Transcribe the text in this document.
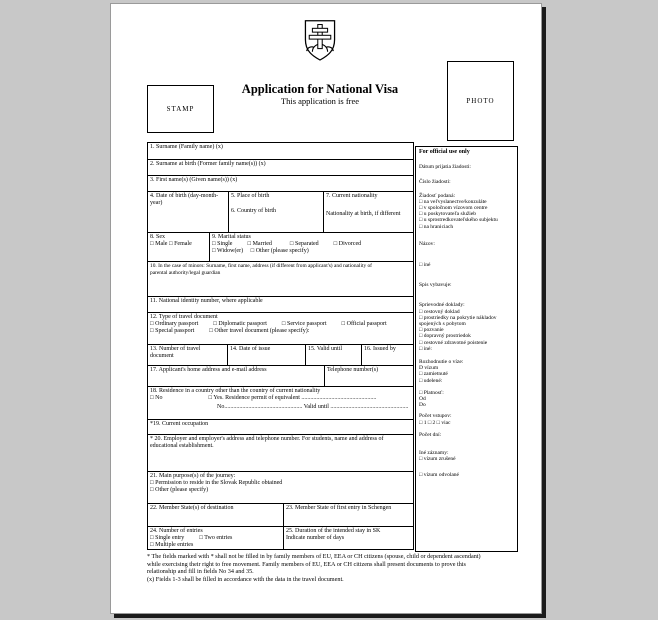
Application for National Visa
This application is free
STAMP
PHOTO
1. Surname (Family name) (x)
2. Surname at birth (Former family name(s)) (x)
3. First name(s) (Given name(s)) (x)
4. Date of birth (day-month-year)
5. Place of birth
6. Country of birth
7. Current nationality
Nationality at birth, if different
8. Sex
□ Male □ Female
9. Marital status
□ Single          □ Married            □ Separated          □ Divorced
□ Widow(er)     □ Other (please specify)
10. In the case of minors: Surname, first name, address (if different from applicant's) and nationality of
parental authority/legal guardian
11. National identity number, where applicable
12. Type of travel document
□ Ordinary passport          □ Diplomatic passport          □ Service passport          □ Official passport
□ Special passport          □ Other travel document (please specify):
13. Number of travel document
14. Date of issue	15. Valid until	16. Issued by
17. Applicant's home address and e-mail address	Telephone number(s)
18. Residence in a country other than the country of current nationality
□ No	□ Yes. Residence permit of equivalent ..................................................
No.................................................... Valid until ....................................................
*19. Current occupation
* 20. Employer and employer's address and telephone number. For students, name and address of
educational establishment.
21. Main purpose(s) of the journey:
□ Permission to reside in the Slovak Republic obtained
□ Other (please specify)
22. Member State(s) of destination	23. Member State of first entry in Schengen
24. Number of entries
□ Single entry          □ Two entries
□ Multiple entries
25. Duration of the intended stay in SK
Indicate number of days
For official use only
Dátum prijatia žiadosti:
Číslo žiadosti:
Žiadosť podaná:
□ na veľvyslanectve/konzuláte
□ v spoločnom vízovom centre
□ u poskytovateľa služieb
□ u sprostredkovateľského subjektu
□ na hraniciach
Názov:
□ iné
Spis vybavuje:
Sprievodné doklady:
□ cestovný doklad
□ prostriedky na pokrytie nákladov
spojených s pobytom
□ pozvanie
□ dopravný prostriedok
□ cestovné zdravotné poistenie
□ iné:
Rozhodnutie o víze:
D vízum
□ zamietnuté
□ udelené:
□ Platnosť:
Od
Do
Počet vstupov:
□ 1 □ 2 □ viac
Počet dní:
Iné záznamy:
□ vízum zrušené
□ vízum odvolané
* The fields marked with * shall not be filled in by family members of EU, EEA or CH citizens (spouse, child or dependent ascendant)
while exercising their right to free movement. Family members of EU, EEA or CH citizens shall present documents to prove this
relationship and fill in fields No 34 and 35.
(x) Fields 1-3 shall be filled in accordance with the data in the travel document.
